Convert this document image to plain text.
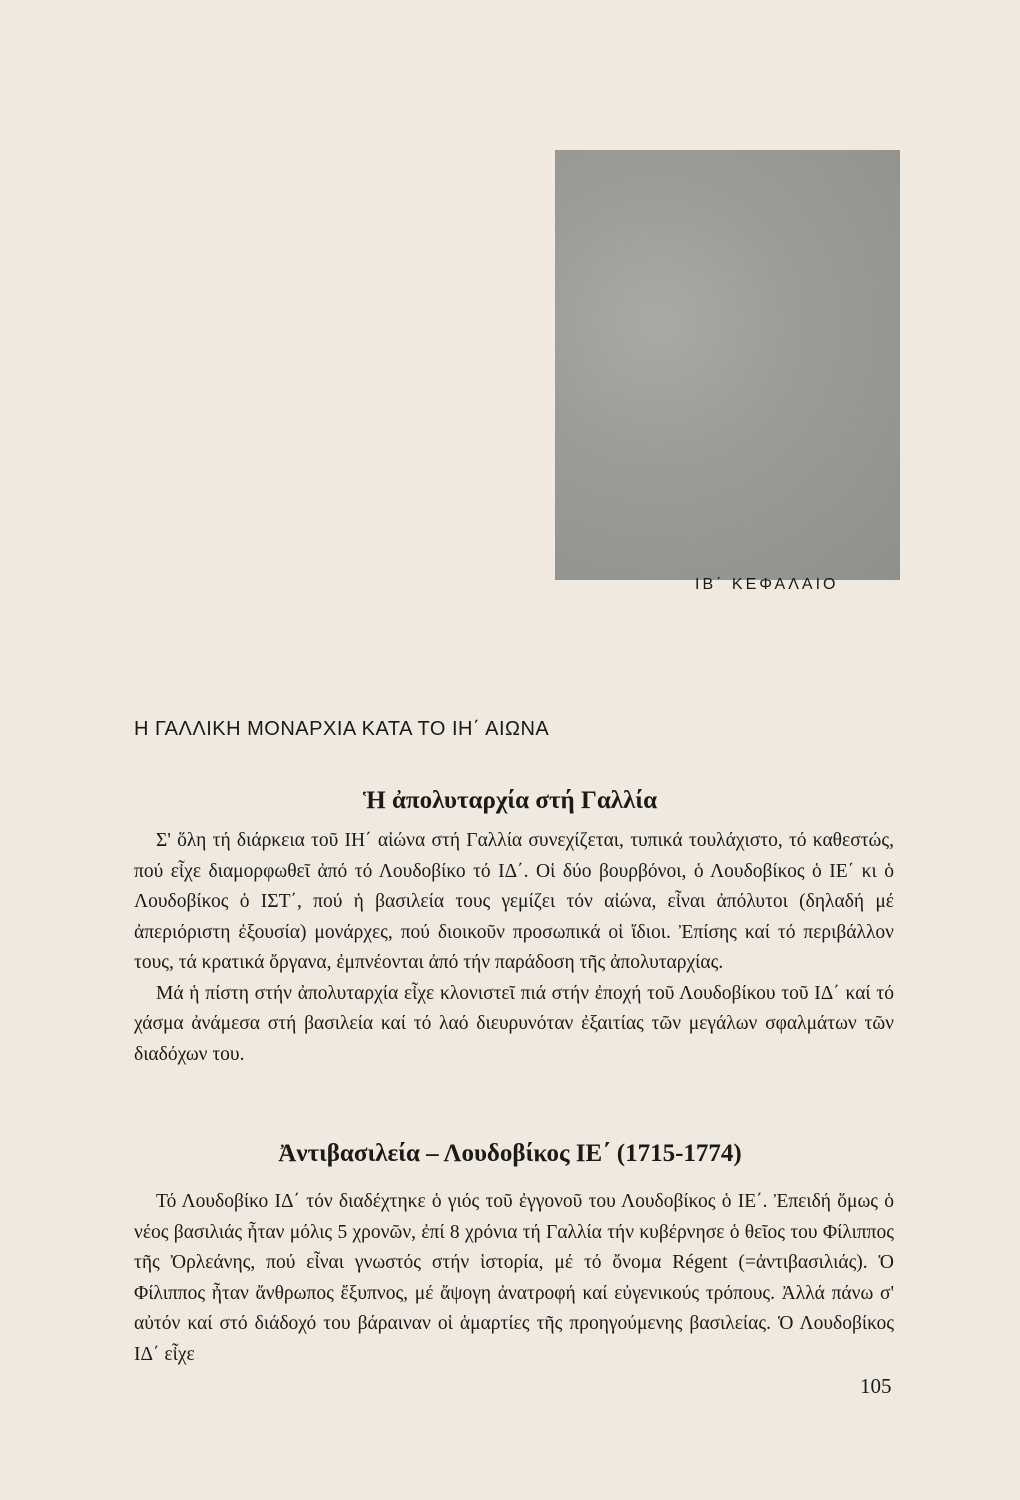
ΙΒ΄ ΚΕΦΑΛΑΙΟ
Η ΓΑΛΛΙΚΗ ΜΟΝΑΡΧΙΑ ΚΑΤΑ ΤΟ ΙΗ΄ ΑΙΩΝΑ
Ἡ ἀπολυταρχία στή Γαλλία

Σ' ὅλη τή διάρκεια τοῦ ΙΗ΄ αἰώνα στή Γαλλία συνεχίζεται, τυπικά τουλάχιστο, τό καθεστώς, πού εἶχε διαμορφωθεῖ ἀπό τό Λουδοβίκο τό ΙΔ΄. Οἱ δύο βουρβόνοι, ὁ Λουδοβίκος ὁ ΙΕ΄ κι ὁ Λουδοβίκος ὁ ΙΣΤ΄, πού ἡ βασιλεία τους γεμίζει τόν αἰώνα, εἶναι ἀπόλυτοι (δηλαδή μέ ἀπεριόριστη ἐξουσία) μονάρχες, πού διοικοῦν προσωπικά οἱ ἴδιοι. Ἐπίσης καί τό περιβάλλον τους, τά κρατικά ὄργανα, ἐμπνέονται ἀπό τήν παράδοση τῆς ἀπολυταρχίας.

Μά ἡ πίστη στήν ἀπολυταρχία εἶχε κλονιστεῖ πιά στήν ἐποχή τοῦ Λουδοβίκου τοῦ ΙΔ΄ καί τό χάσμα ἀνάμεσα στή βασιλεία καί τό λαό διευρυνόταν ἐξαιτίας τῶν μεγάλων σφαλμάτων τῶν διαδόχων του.

Ἀντιβασιλεία – Λουδοβίκος ΙΕ΄ (1715-1774)

Τό Λουδοβίκο ΙΔ΄ τόν διαδέχτηκε ὁ γιός τοῦ ἐγγονοῦ του Λουδοβίκος ὁ ΙΕ΄. Ἐπειδή ὅμως ὁ νέος βασιλιάς ἦταν μόλις 5 χρονῶν, ἐπί 8 χρόνια τή Γαλλία τήν κυβέρνησε ὁ θεῖος του Φίλιππος τῆς Ὀρλεάνης, πού εἶναι γνωστός στήν ἱστορία, μέ τό ὄνομα Régent (=ἀντιβασιλιάς). Ὁ Φίλιππος ἦταν ἄνθρωπος ἔξυπνος, μέ ἄψογη ἀνατροφή καί εὐγενικούς τρόπους. Ἀλλά πάνω σ' αὐτόν καί στό διάδοχό του βάραιναν οἱ ἁμαρτίες τῆς προηγούμενης βασιλείας. Ὁ Λουδοβίκος ΙΔ΄ εἶχε

105
